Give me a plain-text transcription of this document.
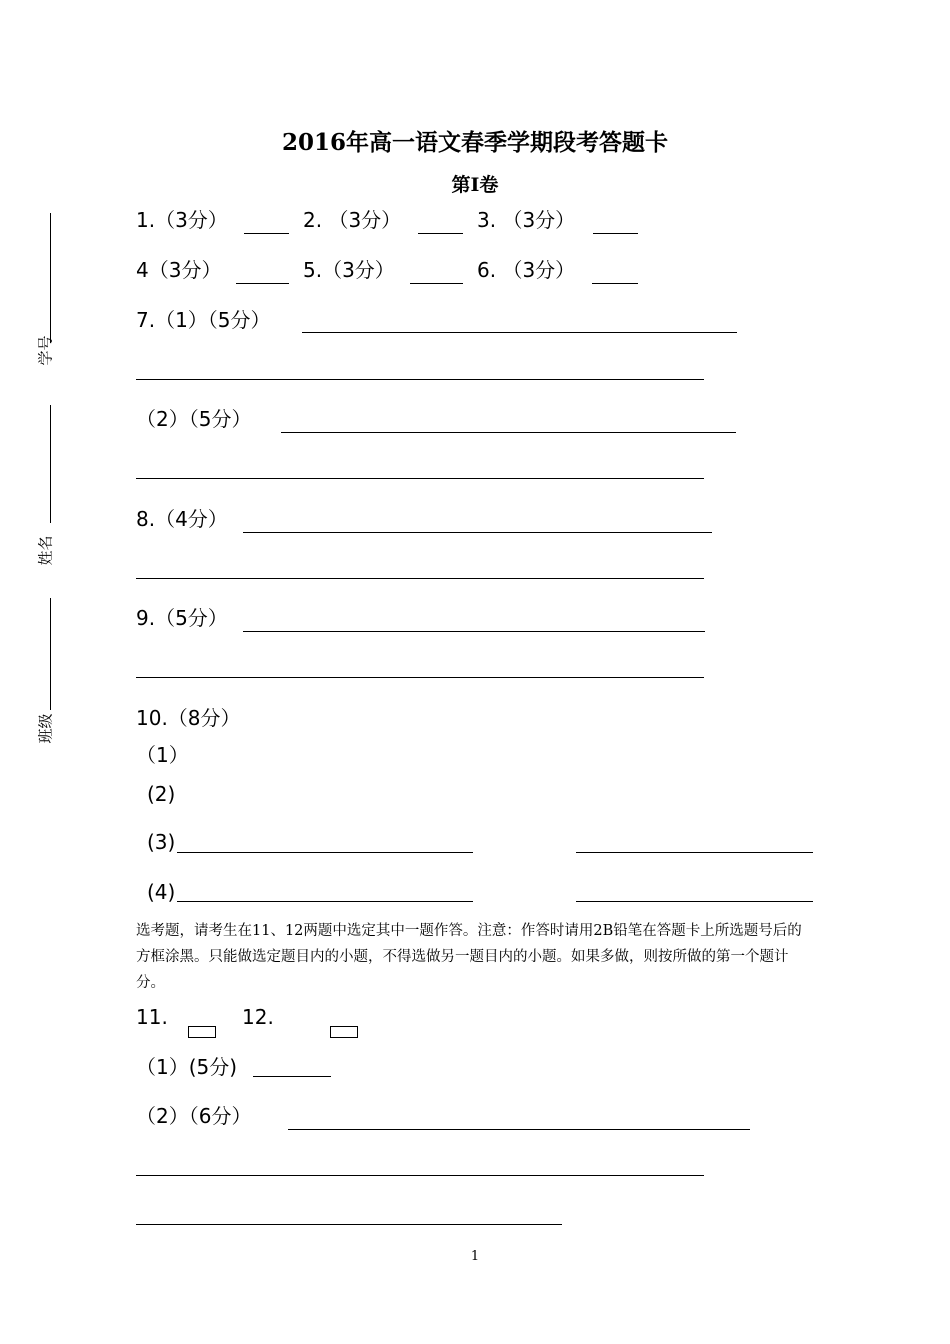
2016年高一语文春季学期段考答题卡
第Ⅰ卷
学号
姓名
班级
1.（3分）	2. （3分）	3. （3分）
4（3分）	5.（3分）	6. （3分）
7.（1）（5分）
（2）（5分）
8.（4分）
9.（5分）
10.（8分）
（1）
(2)
(3)
(4)
选考题，请考生在11、12两题中选定其中一题作答。注意：作答时请用2B铅笔在答题卡上所选题号后的方框涂黑。只能做选定题目内的小题，不得选做另一题目内的小题。如果多做，则按所做的第一个题计分。
11.	12.
（1）(5分)
（2）（6分）
1
